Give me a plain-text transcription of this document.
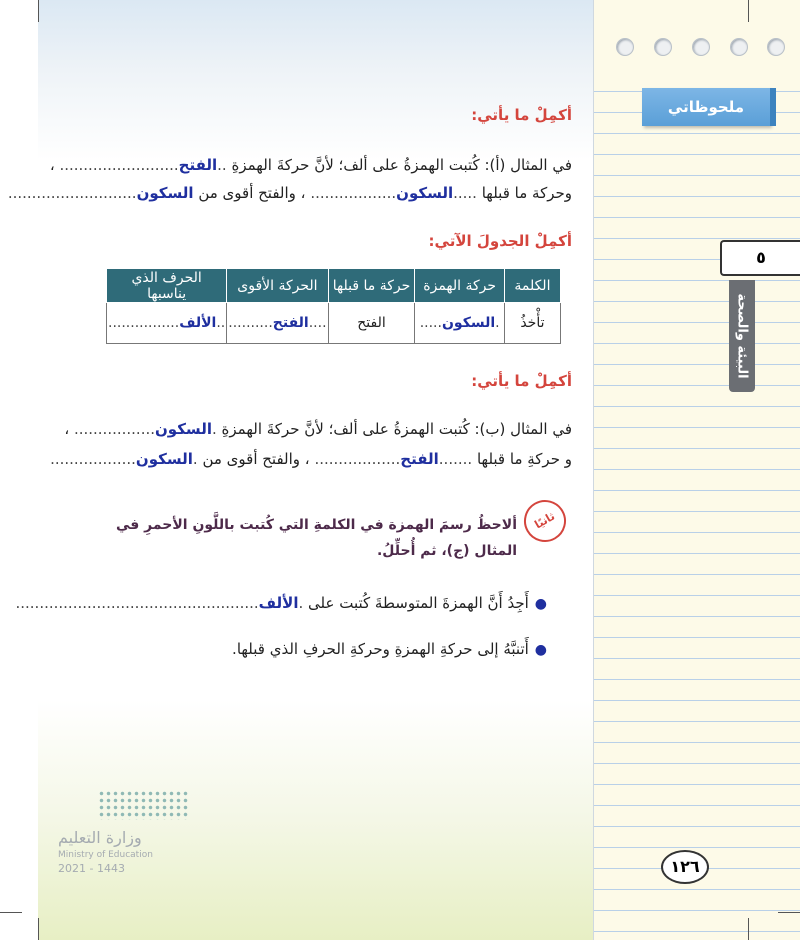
ملحوظاتي
٥
البيئة والصحة
١٢٦
أكمِلْ ما يأتي:
في المثال (أ): كُتبت الهمزةُ على ألف؛ لأنَّ حركةَ الهمزةِ ..الفتح......................... ،
وحركة ما قبلها .....السكون.................. ، والفتح أقوى من السكون...........................
أكمِلْ الجدولَ الآتي:
الكلمة	حركة الهمزة	حركة ما قبلها	الحركة الأقوى	الحرف الذي يناسبها
تأْخذُ	.السكون.....	الفتح	....الفتح..........	..الألف................
أكمِلْ ما يأتي:
في المثال (ب): كُتبت الهمزةُ على ألف؛ لأنَّ حركةَ الهمزةِ .السكون................. ،
و حركةِ ما قبلها .......الفتح.................. ، والفتح أقوى من .السكون..................
ثانيًا
ألاحظُ رسمَ الهمزة في الكلمةِ التي كُتبت باللَّونِ الأحمرِ في المثال (ج)، ثم أُحلِّلُ.
●أَجِدُ أَنَّ الهمزةَ المتوسطةَ كُتبت على .الألف...................................................
●أَتنبَّهُ إلى حركةِ الهمزةِ وحركةِ الحرفِ الذي قبلها.
وزارة التعليم
Ministry of Education
2021 - 1443
